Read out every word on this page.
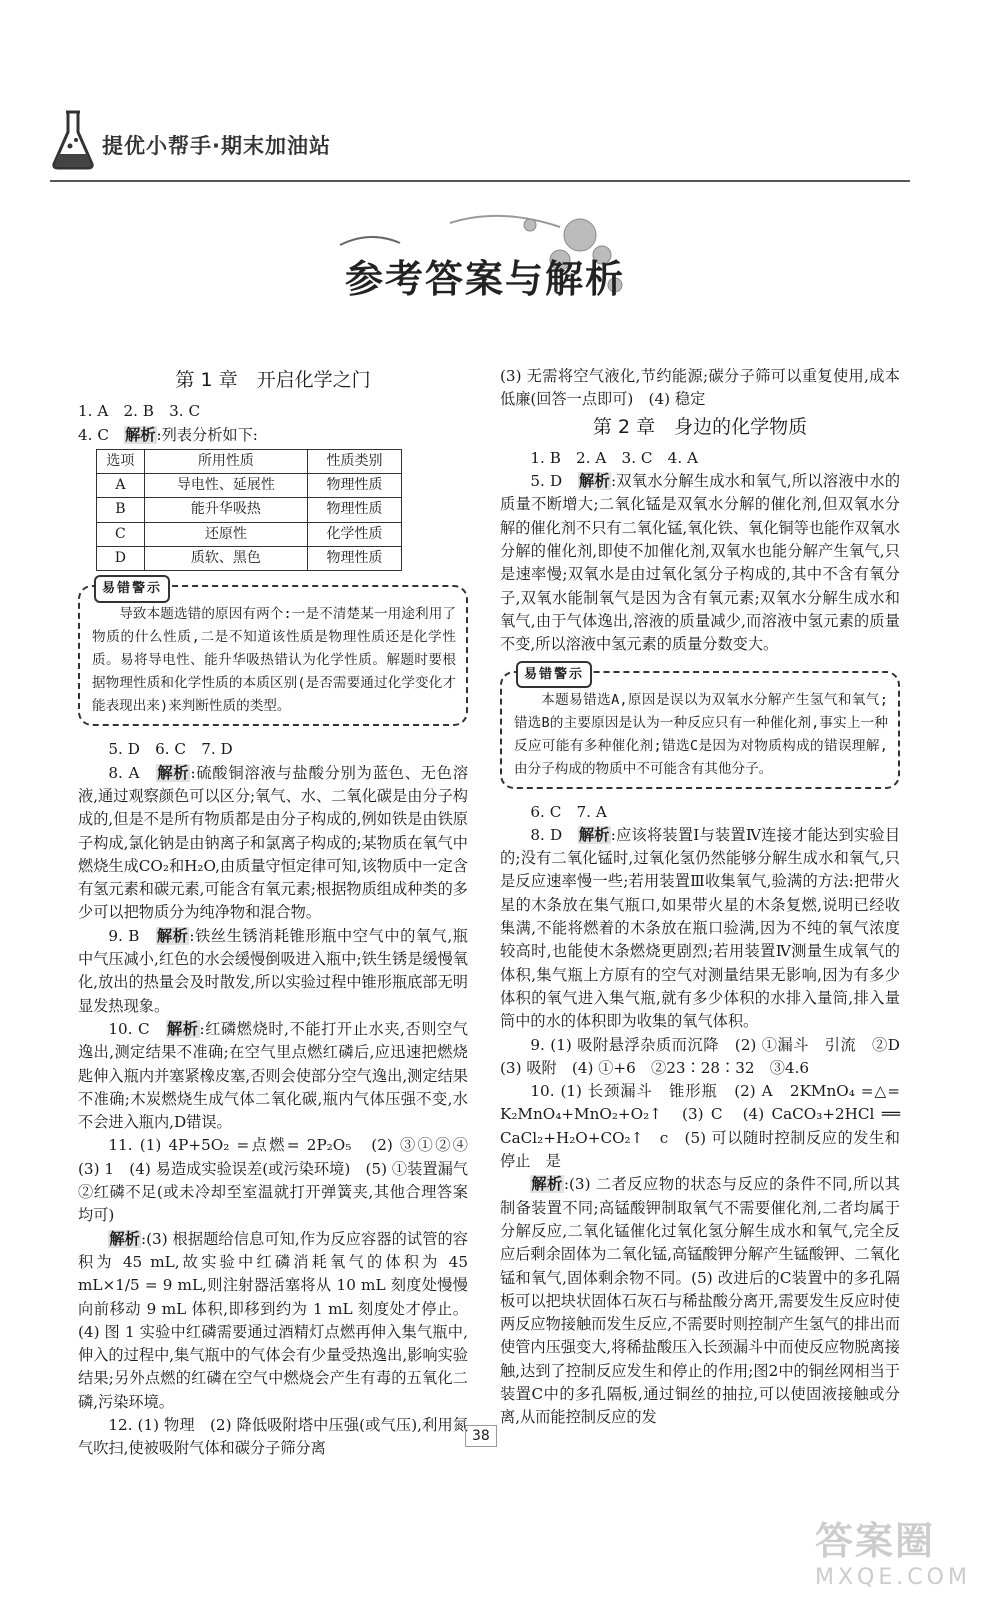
提优小帮手·期末加油站
参考答案与解析
第 1 章　开启化学之门

1. A　2. B　3. C

4. C　解析:列表分析如下:

选项	所用性质	性质类别
A	导电性、延展性	物理性质
B	能升华吸热	物理性质
C	还原性	化学性质
D	质软、黑色	物理性质
易错警示

导致本题选错的原因有两个:一是不清楚某一用途利用了物质的什么性质,二是不知道该性质是物理性质还是化学性质。易将导电性、能升华吸热错认为化学性质。解题时要根据物理性质和化学性质的本质区别(是否需要通过化学变化才能表现出来)来判断性质的类型。

5. D　6. C　7. D

8. A　解析:硫酸铜溶液与盐酸分别为蓝色、无色溶液,通过观察颜色可以区分;氧气、水、二氧化碳是由分子构成的,但是不是所有物质都是由分子构成的,例如铁是由铁原子构成,氯化钠是由钠离子和氯离子构成的;某物质在氧气中燃烧生成CO₂和H₂O,由质量守恒定律可知,该物质中一定含有氢元素和碳元素,可能含有氧元素;根据物质组成种类的多少可以把物质分为纯净物和混合物。

9. B　解析:铁丝生锈消耗锥形瓶中空气中的氧气,瓶中气压减小,红色的水会缓慢倒吸进入瓶中;铁生锈是缓慢氧化,放出的热量会及时散发,所以实验过程中锥形瓶底部无明显发热现象。

10. C　解析:红磷燃烧时,不能打开止水夹,否则空气逸出,测定结果不准确;在空气里点燃红磷后,应迅速把燃烧匙伸入瓶内并塞紧橡皮塞,否则会使部分空气逸出,测定结果不准确;木炭燃烧生成气体二氧化碳,瓶内气体压强不变,水不会进入瓶内,D错误。

11. (1) 4P+5O₂ =点燃= 2P₂O₅　(2) ③①②④　(3) 1　(4) 易造成实验误差(或污染环境)　(5) ①装置漏气　②红磷不足(或未冷却至室温就打开弹簧夹,其他合理答案均可)

解析:(3) 根据题给信息可知,作为反应容器的试管的容积为 45 mL,故实验中红磷消耗氧气的体积为 45 mL×1/5 = 9 mL,则注射器活塞将从 10 mL 刻度处慢慢向前移动 9 mL 体积,即移到约为 1 mL 刻度处才停止。(4) 图 1 实验中红磷需要通过酒精灯点燃再伸入集气瓶中,伸入的过程中,集气瓶中的气体会有少量受热逸出,影响实验结果;另外点燃的红磷在空气中燃烧会产生有毒的五氧化二磷,污染环境。

12. (1) 物理　(2) 降低吸附塔中压强(或气压),利用氮气吹扫,使被吸附气体和碳分子筛分离

(3) 无需将空气液化,节约能源;碳分子筛可以重复使用,成本低廉(回答一点即可)　(4) 稳定

第 2 章　身边的化学物质

1. B　2. A　3. C　4. A

5. D　解析:双氧水分解生成水和氧气,所以溶液中水的质量不断增大;二氧化锰是双氧水分解的催化剂,但双氧水分解的催化剂不只有二氧化锰,氧化铁、氧化铜等也能作双氧水分解的催化剂,即使不加催化剂,双氧水也能分解产生氧气,只是速率慢;双氧水是由过氧化氢分子构成的,其中不含有氧分子,双氧水能制氧气是因为含有氧元素;双氧水分解生成水和氧气,由于气体逸出,溶液的质量减少,而溶液中氢元素的质量不变,所以溶液中氢元素的质量分数变大。

易错警示

本题易错选A,原因是误以为双氧水分解产生氢气和氧气;错选B的主要原因是认为一种反应只有一种催化剂,事实上一种反应可能有多种催化剂;错选C是因为对物质构成的错误理解,由分子构成的物质中不可能含有其他分子。

6. C　7. A

8. D　解析:应该将装置Ⅰ与装置Ⅳ连接才能达到实验目的;没有二氧化锰时,过氧化氢仍然能够分解生成水和氧气,只是反应速率慢一些;若用装置Ⅲ收集氧气,验满的方法:把带火星的木条放在集气瓶口,如果带火星的木条复燃,说明已经收集满,不能将燃着的木条放在瓶口验满,因为不纯的氧气浓度较高时,也能使木条燃烧更剧烈;若用装置Ⅳ测量生成氧气的体积,集气瓶上方原有的空气对测量结果无影响,因为有多少体积的氧气进入集气瓶,就有多少体积的水排入量筒,排入量筒中的水的体积即为收集的氧气体积。

9. (1) 吸附悬浮杂质而沉降　(2) ①漏斗　引流　②D　(3) 吸附　(4) ①+6　②23∶28∶32　③4.6

10. (1) 长颈漏斗　锥形瓶　(2) A　2KMnO₄ =△= K₂MnO₄+MnO₂+O₂↑　(3) C　(4) CaCO₃+2HCl ══ CaCl₂+H₂O+CO₂↑　c　(5) 可以随时控制反应的发生和停止　是

解析:(3) 二者反应物的状态与反应的条件不同,所以其制备装置不同;高锰酸钾制取氧气不需要催化剂,二者均属于分解反应,二氧化锰催化过氧化氢分解生成水和氧气,完全反应后剩余固体为二氧化锰,高锰酸钾分解产生锰酸钾、二氧化锰和氧气,固体剩余物不同。(5) 改进后的C装置中的多孔隔板可以把块状固体石灰石与稀盐酸分离开,需要发生反应时使两反应物接触而发生反应,不需要时则控制产生氢气的排出而使管内压强变大,将稀盐酸压入长颈漏斗中而使反应物脱离接触,达到了控制反应发生和停止的作用;图2中的铜丝网相当于装置C中的多孔隔板,通过铜丝的抽拉,可以使固液接触或分离,从而能控制反应的发

38
答案圈
MXQE.COM
